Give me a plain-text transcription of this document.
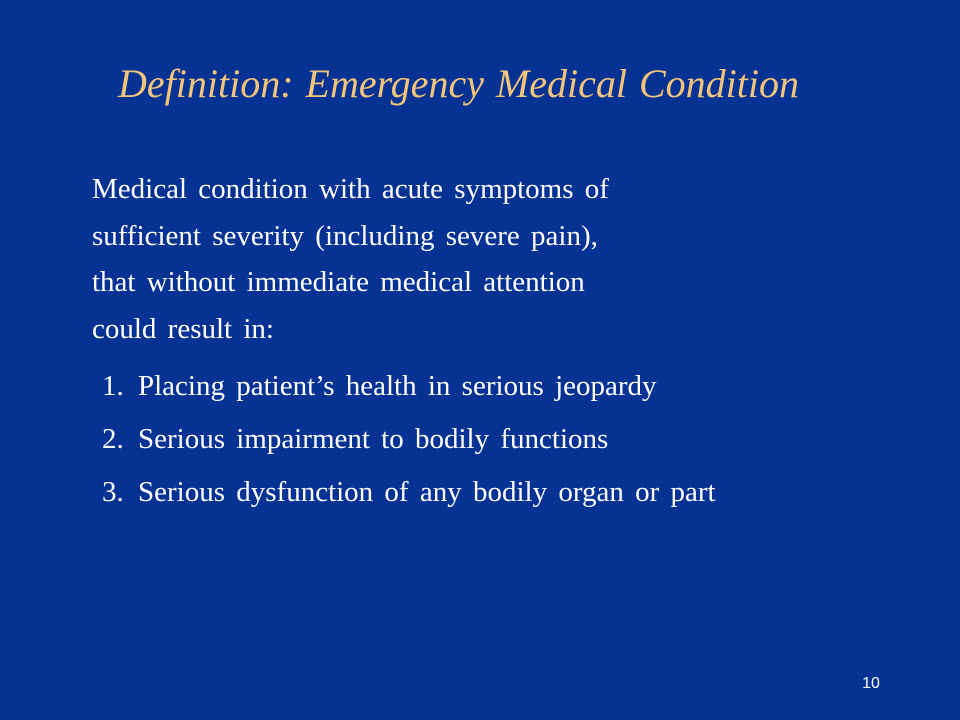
Definition: Emergency Medical Condition
Medical condition with acute symptoms of
sufficient severity (including severe pain),
that without immediate medical attention
could result in:
1. Placing patient’s health in serious jeopardy
2. Serious impairment to bodily functions
3. Serious dysfunction of any bodily organ or part
10
